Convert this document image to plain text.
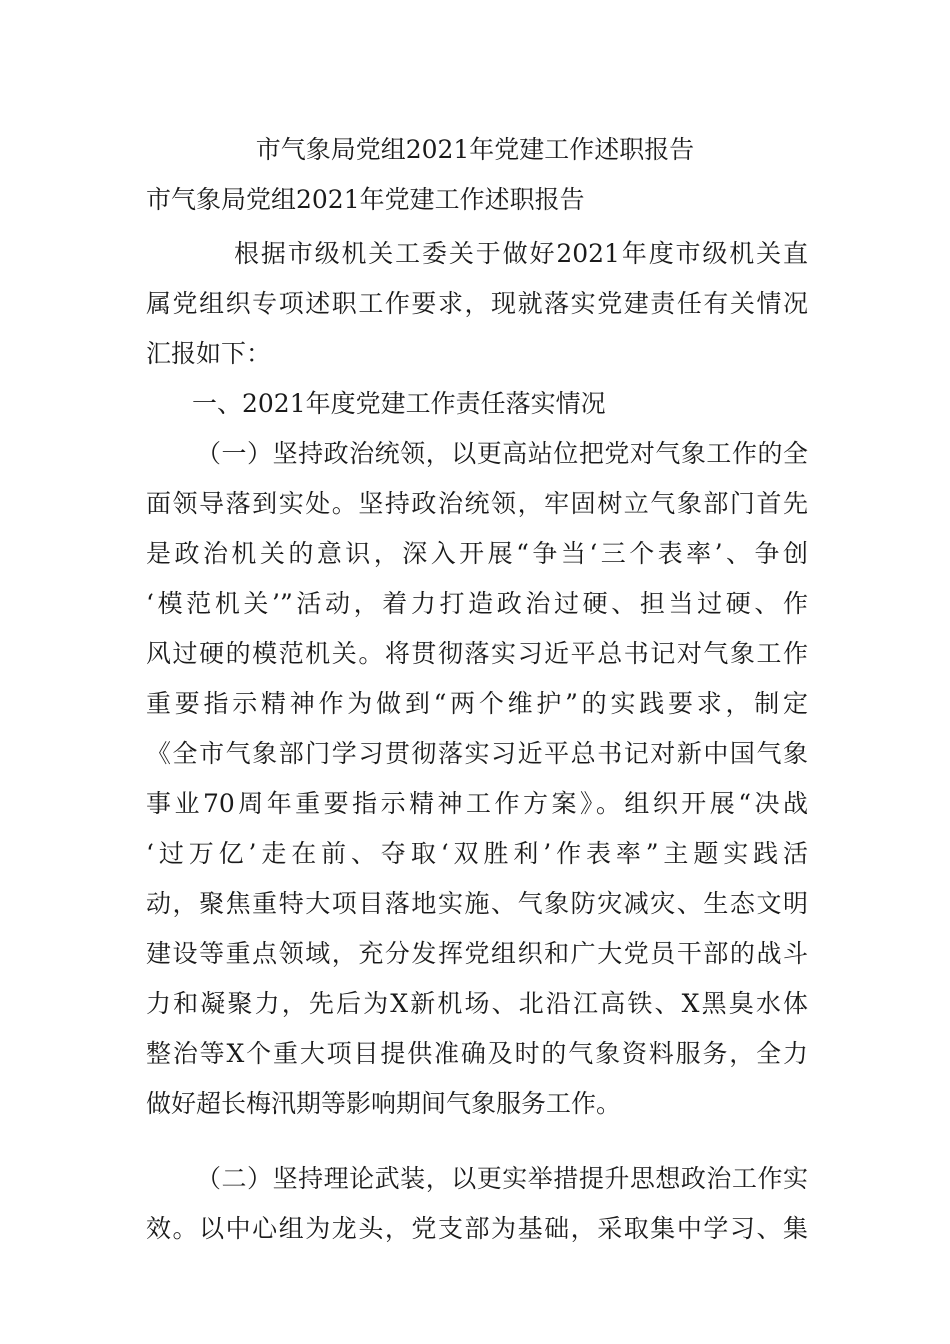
市气象局党组2021年党建工作述职报告
市气象局党组2021年党建工作述职报告
根据市级机关工委关于做好2021年度市级机关直
属党组织专项述职工作要求，现就落实党建责任有关情况
汇报如下：
一、2021年度党建工作责任落实情况
（一）坚持政治统领，以更高站位把党对气象工作的全
面领导落到实处。坚持政治统领，牢固树立气象部门首先
是政治机关的意识，深入开展“争当‘三个表率’、争创
‘模范机关’”活动，着力打造政治过硬、担当过硬、作
风过硬的模范机关。将贯彻落实习近平总书记对气象工作
重要指示精神作为做到“两个维护”的实践要求，制定
《全市气象部门学习贯彻落实习近平总书记对新中国气象
事业70周年重要指示精神工作方案》。组织开展“决战
‘过万亿’走在前、夺取‘双胜利’作表率”主题实践活
动，聚焦重特大项目落地实施、气象防灾减灾、生态文明
建设等重点领域，充分发挥党组织和广大党员干部的战斗
力和凝聚力，先后为X新机场、北沿江高铁、X黑臭水体
整治等X个重大项目提供准确及时的气象资料服务，全力
做好超长梅汛期等影响期间气象服务工作。
（二）坚持理论武装，以更实举措提升思想政治工作实
效。以中心组为龙头，党支部为基础，采取集中学习、集
